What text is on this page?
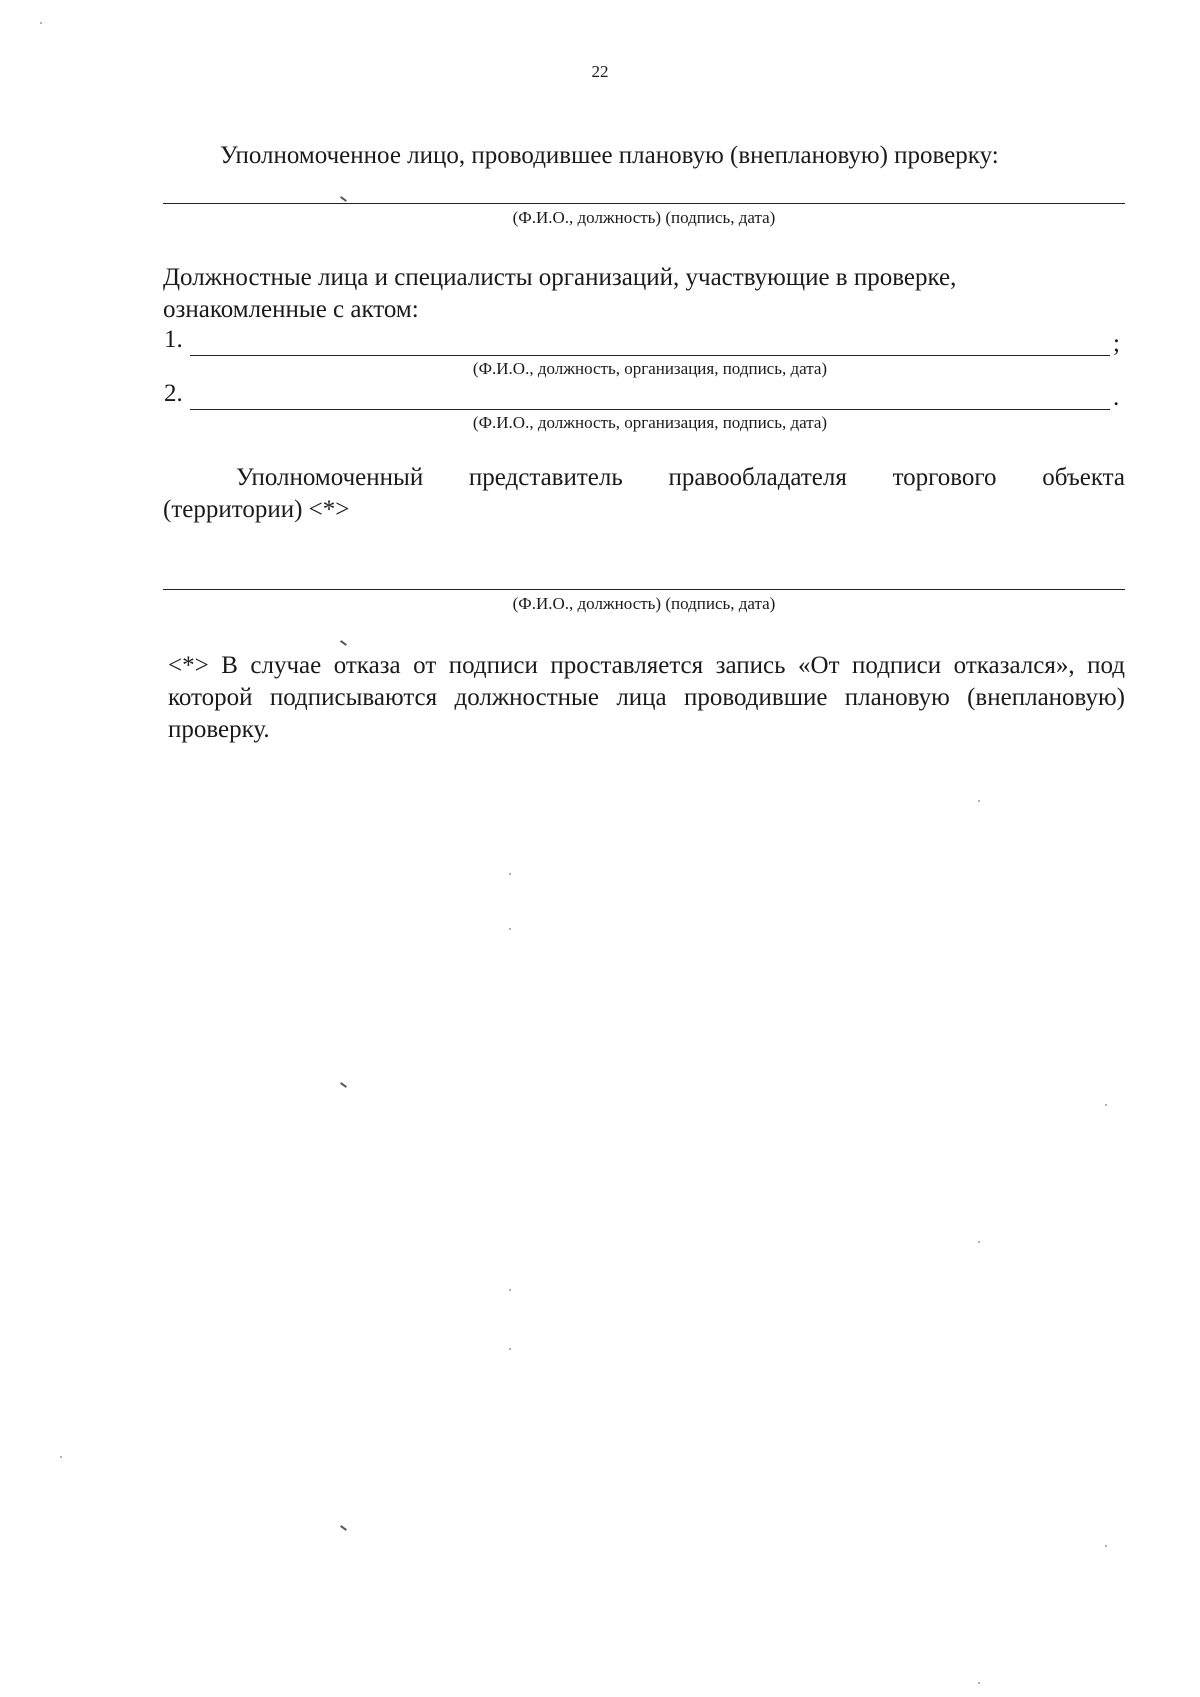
22
Уполномоченное лицо, проводившее плановую (внеплановую) проверку:
(Ф.И.О., должность) (подпись, дата)
Должностные лица и специалисты организаций, участвующие в проверке,
ознакомленные с актом:
1.	;
(Ф.И.О., должность, организация, подпись, дата)
2.	.
(Ф.И.О., должность, организация, подпись, дата)
Уполномоченный представитель правообладателя торгового объекта
(территории) <*>
(Ф.И.О., должность) (подпись, дата)
<*> В случае отказа от подписи проставляется запись «От подписи отказался», под которой подписываются должностные лица проводившие плановую (внеплановую) проверку.
